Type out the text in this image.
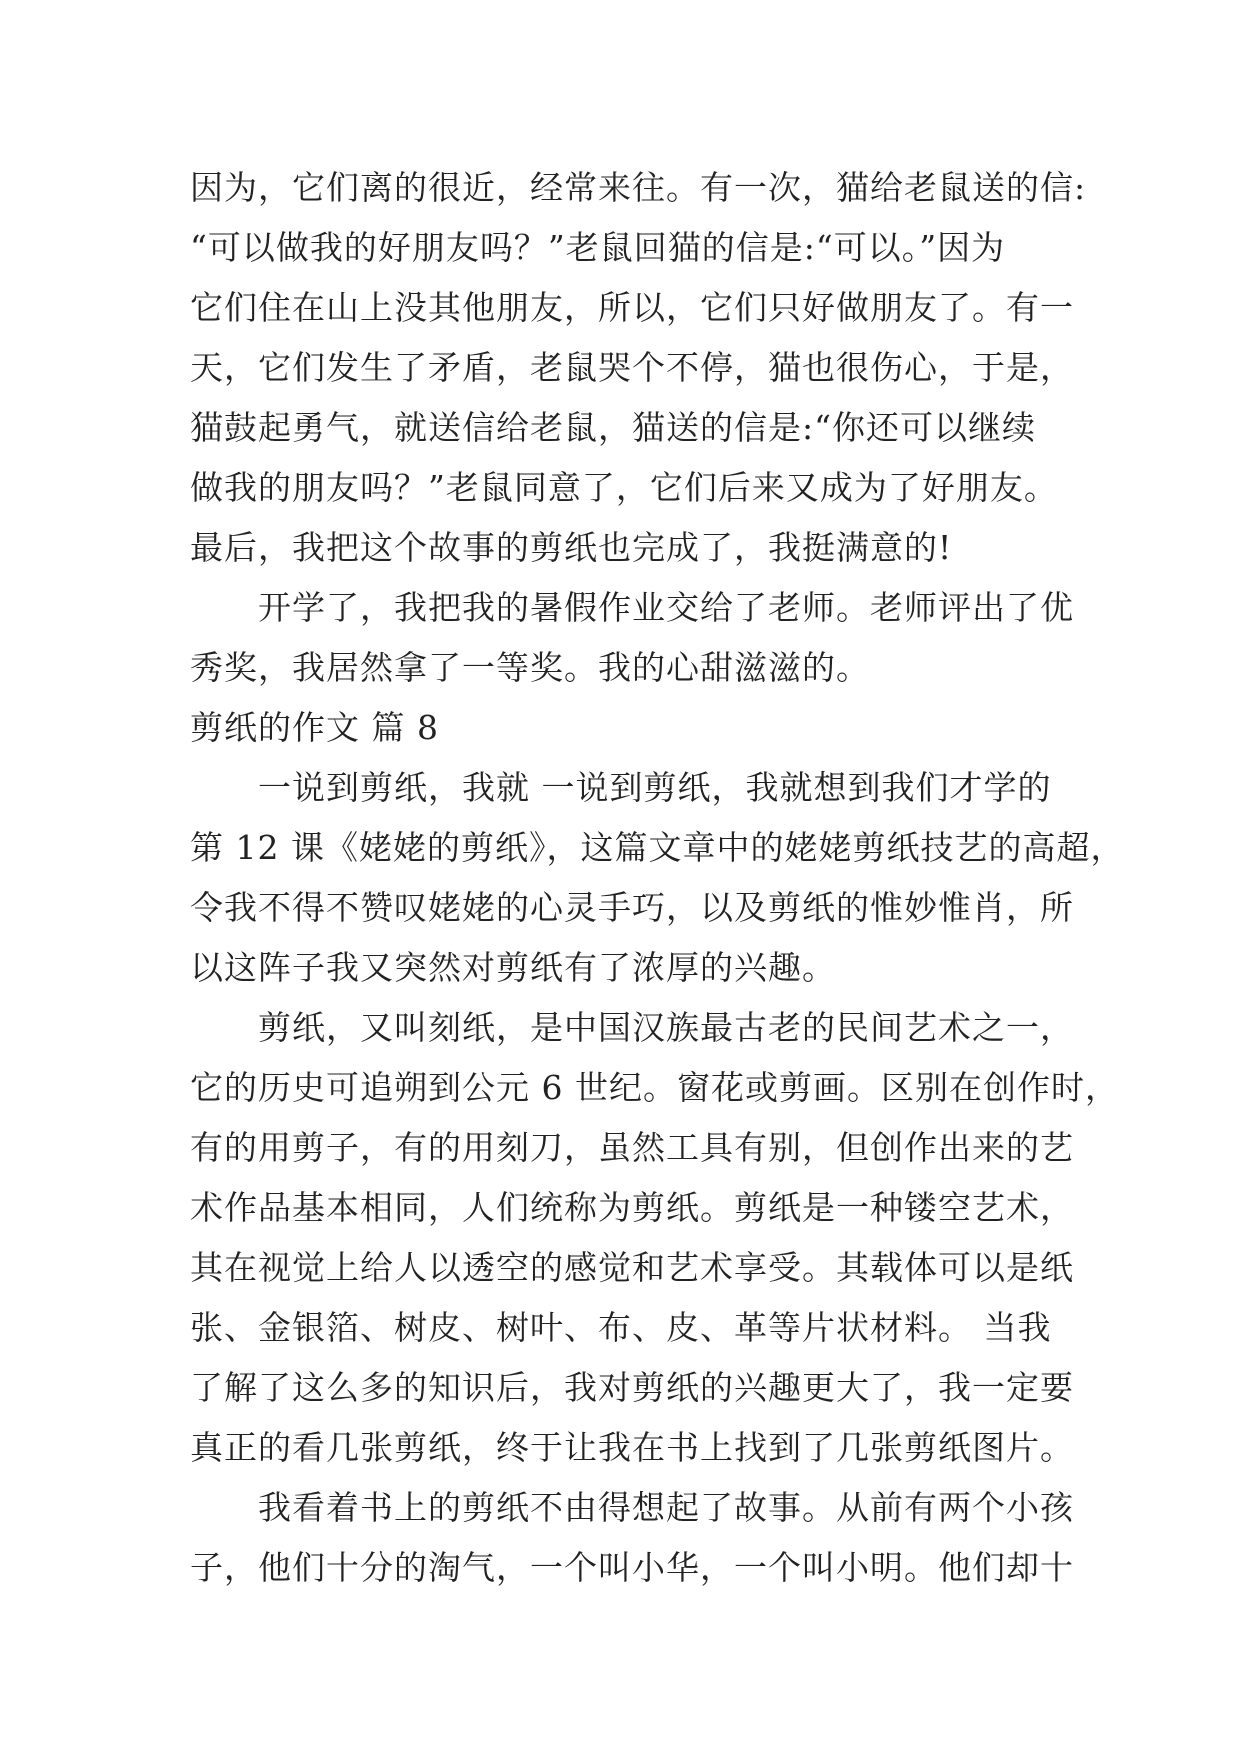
因为，它们离的很近，经常来往。有一次，猫给老鼠送的信:
“可以做我的好朋友吗？”老鼠回猫的信是:“可以。”因为
它们住在山上没其他朋友，所以，它们只好做朋友了。有一
天，它们发生了矛盾，老鼠哭个不停，猫也很伤心，于是，
猫鼓起勇气，就送信给老鼠，猫送的信是:“你还可以继续
做我的朋友吗？”老鼠同意了，它们后来又成为了好朋友。
最后，我把这个故事的剪纸也完成了，我挺满意的!
　　开学了，我把我的暑假作业交给了老师。老师评出了优
秀奖，我居然拿了一等奖。我的心甜滋滋的。
剪纸的作文 篇 8
　　一说到剪纸，我就 一说到剪纸，我就想到我们才学的
第 12 课《姥姥的剪纸》，这篇文章中的姥姥剪纸技艺的高超，
令我不得不赞叹姥姥的心灵手巧，以及剪纸的惟妙惟肖，所
以这阵子我又突然对剪纸有了浓厚的兴趣。
　　剪纸，又叫刻纸，是中国汉族最古老的民间艺术之一，
它的历史可追朔到公元 6 世纪。窗花或剪画。区别在创作时，
有的用剪子，有的用刻刀，虽然工具有别，但创作出来的艺
术作品基本相同，人们统称为剪纸。剪纸是一种镂空艺术，
其在视觉上给人以透空的感觉和艺术享受。其载体可以是纸
张、金银箔、树皮、树叶、布、皮、革等片状材料。 当我
了解了这么多的知识后，我对剪纸的兴趣更大了，我一定要
真正的看几张剪纸，终于让我在书上找到了几张剪纸图片。
　　我看着书上的剪纸不由得想起了故事。从前有两个小孩
子，他们十分的淘气，一个叫小华，一个叫小明。他们却十
